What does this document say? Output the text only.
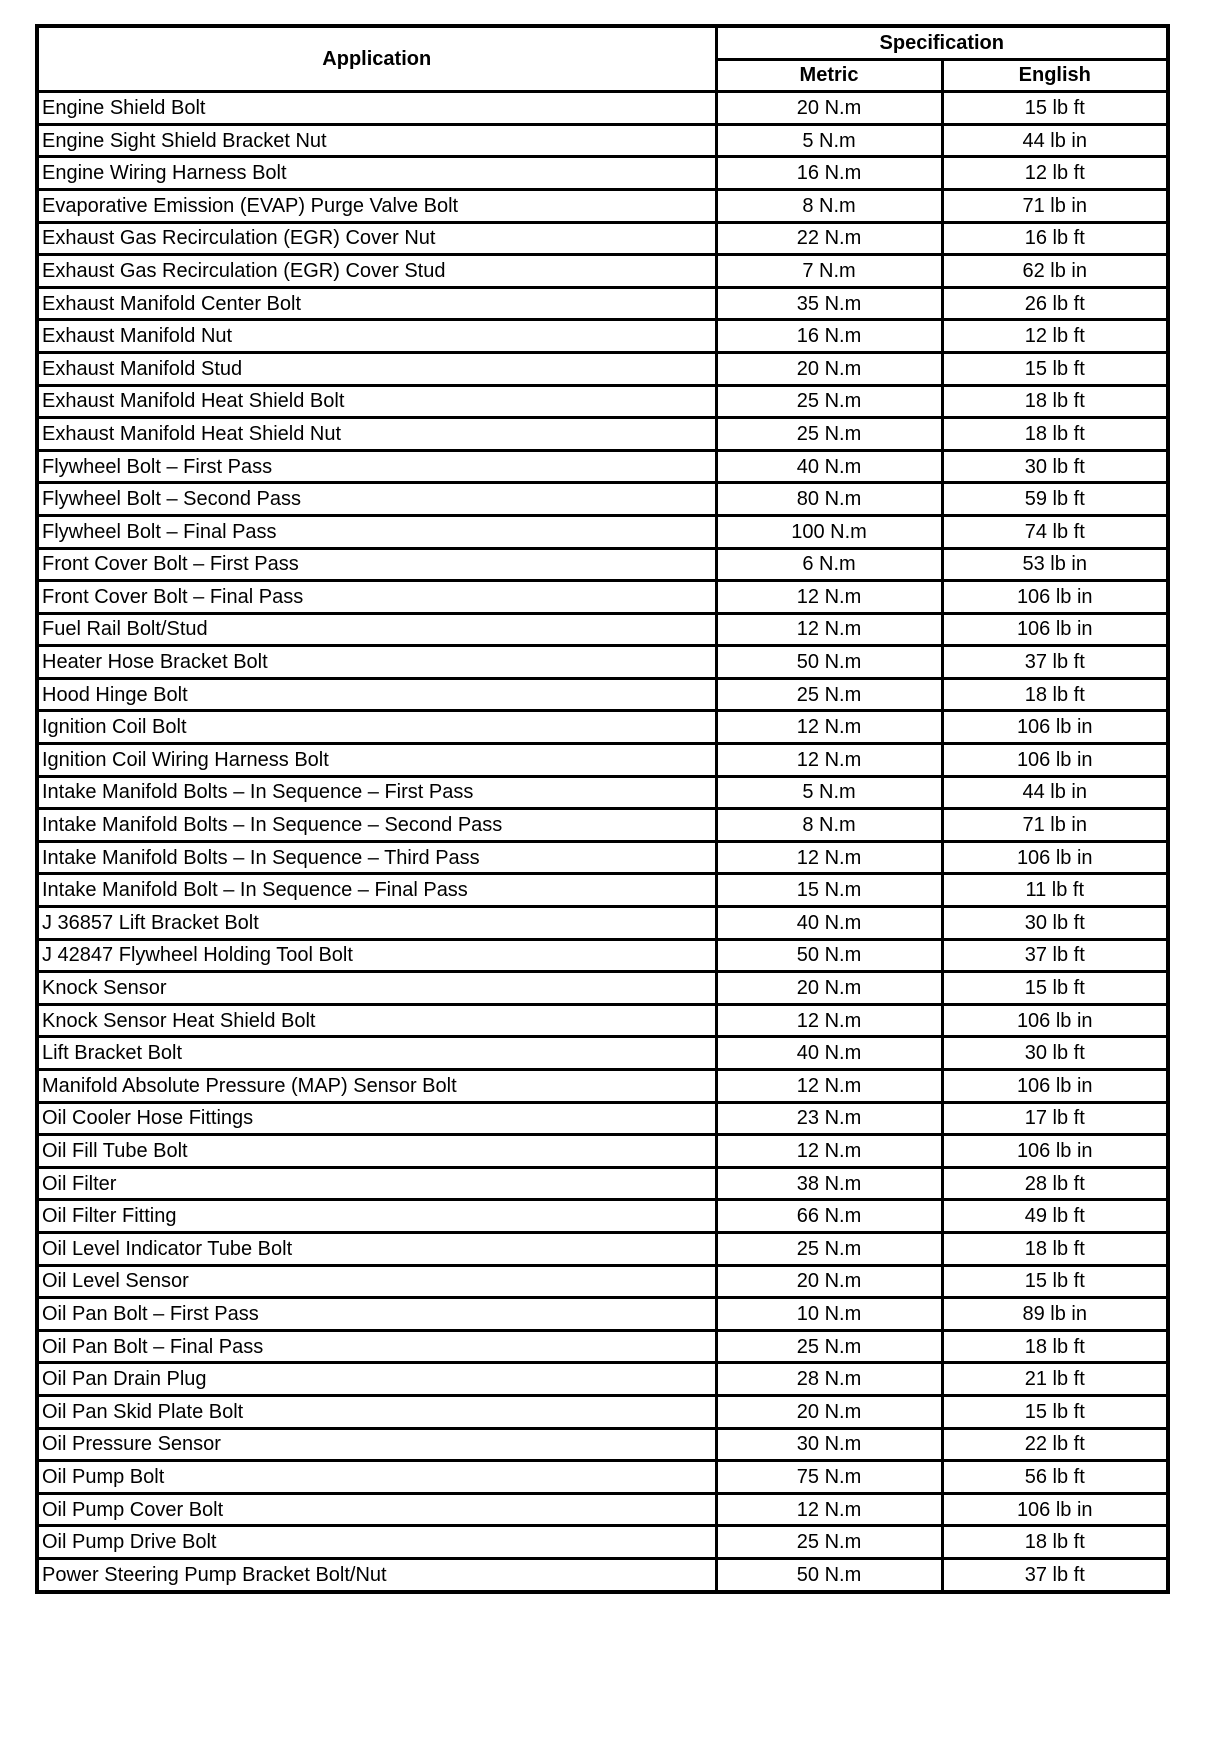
Application	Specification	
	Metric	English
Engine Shield Bolt	20 N.m	15 lb ft
Engine Sight Shield Bracket Nut	5 N.m	44 lb in
Engine Wiring Harness Bolt	16 N.m	12 lb ft
Evaporative Emission (EVAP) Purge Valve Bolt	8 N.m	71 lb in
Exhaust Gas Recirculation (EGR) Cover Nut	22 N.m	16 lb ft
Exhaust Gas Recirculation (EGR) Cover Stud	7 N.m	62 lb in
Exhaust Manifold Center Bolt	35 N.m	26 lb ft
Exhaust Manifold Nut	16 N.m	12 lb ft
Exhaust Manifold Stud	20 N.m	15 lb ft
Exhaust Manifold Heat Shield Bolt	25 N.m	18 lb ft
Exhaust Manifold Heat Shield Nut	25 N.m	18 lb ft
Flywheel Bolt – First Pass	40 N.m	30 lb ft
Flywheel Bolt – Second Pass	80 N.m	59 lb ft
Flywheel Bolt – Final Pass	100 N.m	74 lb ft
Front Cover Bolt – First Pass	6 N.m	53 lb in
Front Cover Bolt – Final Pass	12 N.m	106 lb in
Fuel Rail Bolt/Stud	12 N.m	106 lb in
Heater Hose Bracket Bolt	50 N.m	37 lb ft
Hood Hinge Bolt	25 N.m	18 lb ft
Ignition Coil Bolt	12 N.m	106 lb in
Ignition Coil Wiring Harness Bolt	12 N.m	106 lb in
Intake Manifold Bolts – In Sequence – First Pass	5 N.m	44 lb in
Intake Manifold Bolts – In Sequence – Second Pass	8 N.m	71 lb in
Intake Manifold Bolts – In Sequence – Third Pass	12 N.m	106 lb in
Intake Manifold Bolt – In Sequence – Final Pass	15 N.m	11 lb ft
J 36857 Lift Bracket Bolt	40 N.m	30 lb ft
J 42847 Flywheel Holding Tool Bolt	50 N.m	37 lb ft
Knock Sensor	20 N.m	15 lb ft
Knock Sensor Heat Shield Bolt	12 N.m	106 lb in
Lift Bracket Bolt	40 N.m	30 lb ft
Manifold Absolute Pressure (MAP) Sensor Bolt	12 N.m	106 lb in
Oil Cooler Hose Fittings	23 N.m	17 lb ft
Oil Fill Tube Bolt	12 N.m	106 lb in
Oil Filter	38 N.m	28 lb ft
Oil Filter Fitting	66 N.m	49 lb ft
Oil Level Indicator Tube Bolt	25 N.m	18 lb ft
Oil Level Sensor	20 N.m	15 lb ft
Oil Pan Bolt – First Pass	10 N.m	89 lb in
Oil Pan Bolt – Final Pass	25 N.m	18 lb ft
Oil Pan Drain Plug	28 N.m	21 lb ft
Oil Pan Skid Plate Bolt	20 N.m	15 lb ft
Oil Pressure Sensor	30 N.m	22 lb ft
Oil Pump Bolt	75 N.m	56 lb ft
Oil Pump Cover Bolt	12 N.m	106 lb in
Oil Pump Drive Bolt	25 N.m	18 lb ft
Power Steering Pump Bracket Bolt/Nut	50 N.m	37 lb ft
